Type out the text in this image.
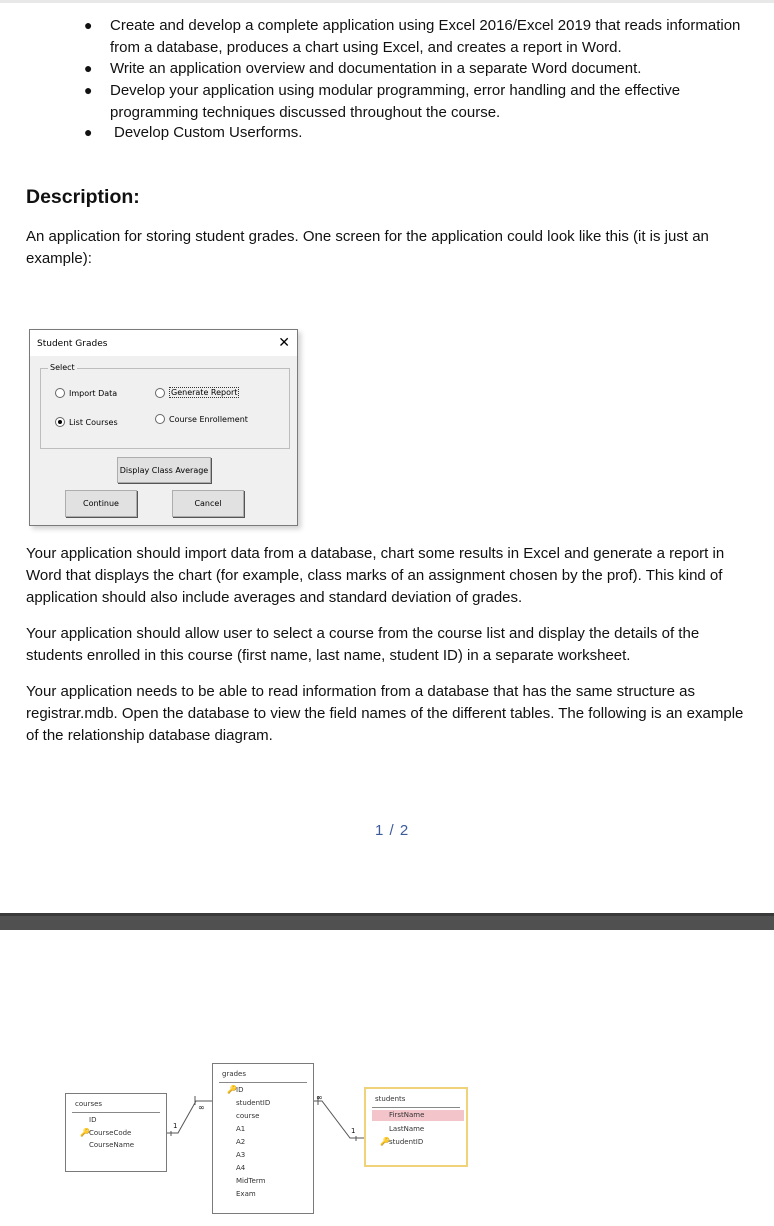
● Create and develop a complete application using Excel 2016/Excel 2019 that reads information from a database, produces a chart using Excel, and creates a report in Word.
● Write an application overview and documentation in a separate Word document.
● Develop your application using modular programming, error handling and the effective programming techniques discussed throughout the course.
● Develop Custom Userforms.
Description:
An application for storing student grades. One screen for the application could look like this (it is just an example):
Student Grades	✕
Select
Import Data	Generate Report
List Courses	Course Enrollement
Display Class Average
Continue	Cancel
Your application should import data from a database, chart some results in Excel and generate a report in Word that displays the chart (for example, class marks of an assignment chosen by the prof). This kind of application should also include averages and standard deviation of grades.
Your application should allow user to select a course from the course list and display the details of the students enrolled in this course (first name, last name, student ID) in a separate worksheet.
Your application needs to be able to read information from a database that has the same structure as registrar.mdb. Open the database to view the field names of the different tables. The following is an example of the relationship database diagram.
1 / 2
1
∞
∞
1
courses
ID
🔑 CourseCode
CourseName
grades
🔑 ID
studentID
course
A1
A2
A3
A4
MidTerm
Exam
students
FirstName
LastName
🔑 studentID
